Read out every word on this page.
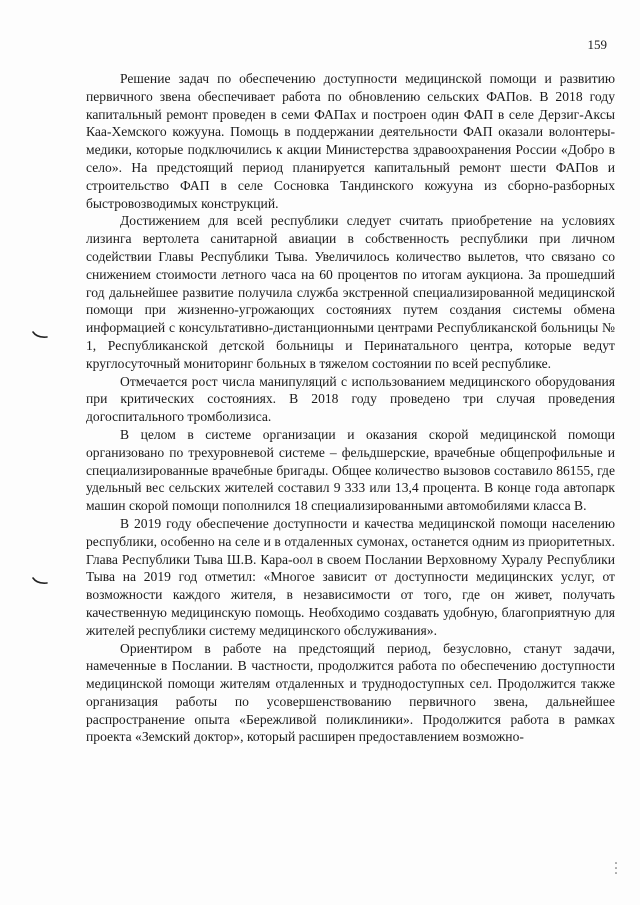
159

Решение задач по обеспечению доступности медицинской помощи и развитию первичного звена обеспечивает работа по обновлению сельских ФАПов. В 2018 году капитальный ремонт проведен в семи ФАПах и построен один ФАП в селе Дерзиг-Аксы Каа-Хемского кожууна. Помощь в поддержании деятельности ФАП оказали волонтеры-медики, которые подключились к акции Министерства здравоохранения России «Добро в село». На предстоящий период планируется капитальный ремонт шести ФАПов и строительство ФАП в селе Сосновка Тандинского кожууна из сборно-разборных быстровозводимых конструкций.

Достижением для всей республики следует считать приобретение на условиях лизинга вертолета санитарной авиации в собственность республики при личном содействии Главы Республики Тыва. Увеличилось количество вылетов, что связано со снижением стоимости летного часа на 60 процентов по итогам аукциона. За прошедший год дальнейшее развитие получила служба экстренной специализированной медицинской помощи при жизненно-угрожающих состояниях путем создания системы обмена информацией с консультативно-дистанционными центрами Республиканской больницы № 1, Республиканской детской больницы и Перинатального центра, которые ведут круглосуточный мониторинг больных в тяжелом состоянии по всей республике.

Отмечается рост числа манипуляций с использованием медицинского оборудования при критических состояниях. В 2018 году проведено три случая проведения догоспитального тромболизиса.

В целом в системе организации и оказания скорой медицинской помощи организовано по трехуровневой системе – фельдшерские, врачебные общепрофильные и специализированные врачебные бригады. Общее количество вызовов составило 86155, где удельный вес сельских жителей составил 9 333 или 13,4 процента. В конце года автопарк машин скорой помощи пополнился 18 специализированными автомобилями класса В.

В 2019 году обеспечение доступности и качества медицинской помощи населению республики, особенно на селе и в отдаленных сумонах, останется одним из приоритетных. Глава Республики Тыва Ш.В. Кара-оол в своем Послании Верховному Хуралу Республики Тыва на 2019 год отметил: «Многое зависит от доступности медицинских услуг, от возможности каждого жителя, в независимости от того, где он живет, получать качественную медицинскую помощь. Необходимо создавать удобную, благоприятную для жителей республики систему медицинского обслуживания».

Ориентиром в работе на предстоящий период, безусловно, станут задачи, намеченные в Послании. В частности, продолжится работа по обеспечению доступности медицинской помощи жителям отдаленных и труднодоступных сел. Продолжится также организация работы по усовершенствованию первичного звена, дальнейшее распространение опыта «Бережливой поликлиники». Продолжится работа в рамках проекта «Земский доктор», который расширен предоставлением возможно-
